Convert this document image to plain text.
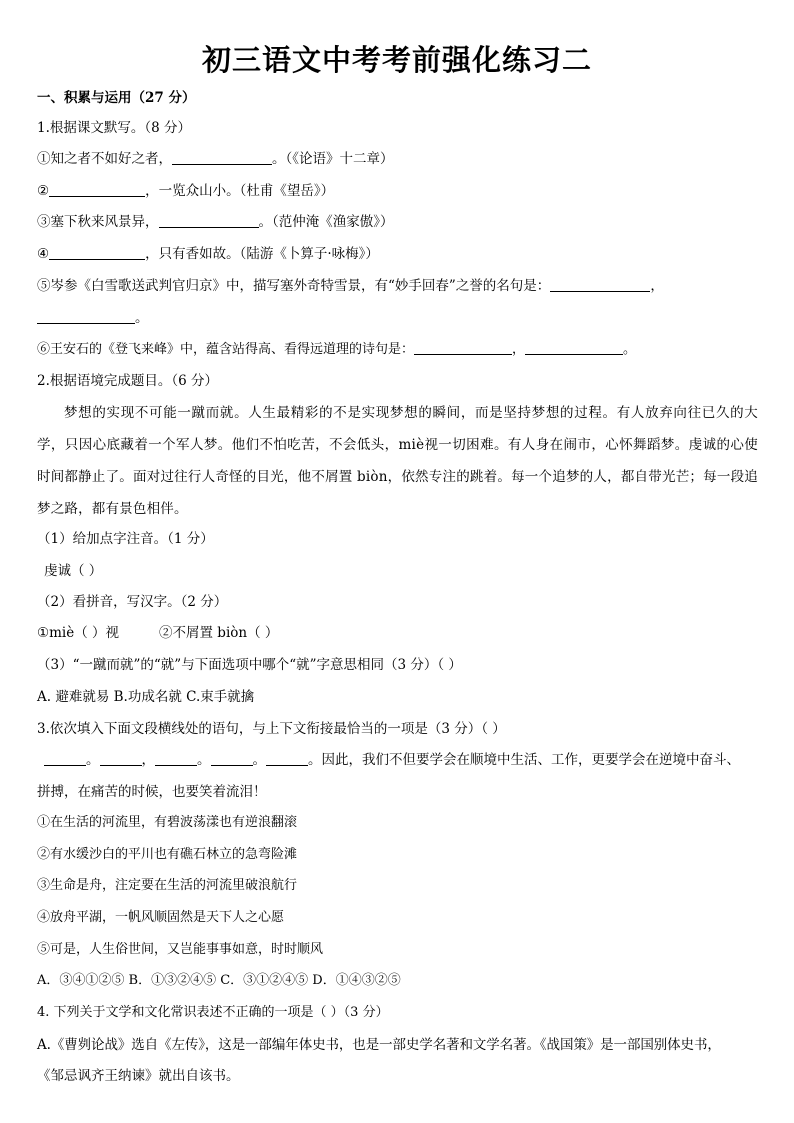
初三语文中考考前强化练习二
一、积累与运用（27 分）
1.根据课文默写。（8 分）
①知之者不如好之者，	。（《论语》十二章）
②	，一览众山小。（杜甫《望岳》）
③塞下秋来风景异，	。（范仲淹《渔家傲》）
④	，只有香如故。（陆游《卜算子·咏梅》）
⑤岑参《白雪歌送武判官归京》中，描写塞外奇特雪景，有“妙手回春”之誉的名句是：	，
。
⑥王安石的《登飞来峰》中，蕴含站得高、看得远道理的诗句是：	，	。
2.根据语境完成题目。（6 分）
梦想的实现不可能一蹴而就。人生最精彩的不是实现梦想的瞬间，而是坚持梦想的过程。有人放弃向往已久的大学，只因心底藏着一个军人梦。他们不怕吃苦，不会低头，miè视一切困难。有人身在闹市，心怀舞蹈梦。虔诚的心使时间都静止了。面对过往行人奇怪的目光，他不屑置 biòn，依然专注的跳着。每一个追梦的人，都自带光芒；每一段追梦之路，都有景色相伴。
（1）给加点字注音。（1 分）
虔诚（ ）
（2）看拼音，写汉字。（2 分）
①miè（ ）视	②不屑置 biòn（ ）
（3）“一蹴而就”的“就”与下面选项中哪个“就”字意思相同（3 分）（ ）
A. 避难就易 B.功成名就 C.束手就擒
3.依次填入下面文段横线处的语句，与上下文衔接最恰当的一项是（3 分）（ ）
。	，	。	。	。因此，我们不但要学会在顺境中生活、工作，更要学会在逆境中奋斗、
拼搏，在痛苦的时候，也要笑着流泪！
①在生活的河流里，有碧波荡漾也有逆浪翻滚
②有水缓沙白的平川也有礁石林立的急弯险滩
③生命是舟，注定要在生活的河流里破浪航行
④放舟平湖，一帆风顺固然是天下人之心愿
⑤可是，人生俗世间，又岂能事事如意，时时顺风
A．③④①②⑤ B．①③②④⑤ C．③①②④⑤ D．①④③②⑤
4. 下列关于文学和文化常识表述不正确的一项是（ ）（3 分）
A.《曹刿论战》选自《左传》，这是一部编年体史书，也是一部史学名著和文学名著。《战国策》是一部国别体史书，
《邹忌讽齐王纳谏》就出自该书。
